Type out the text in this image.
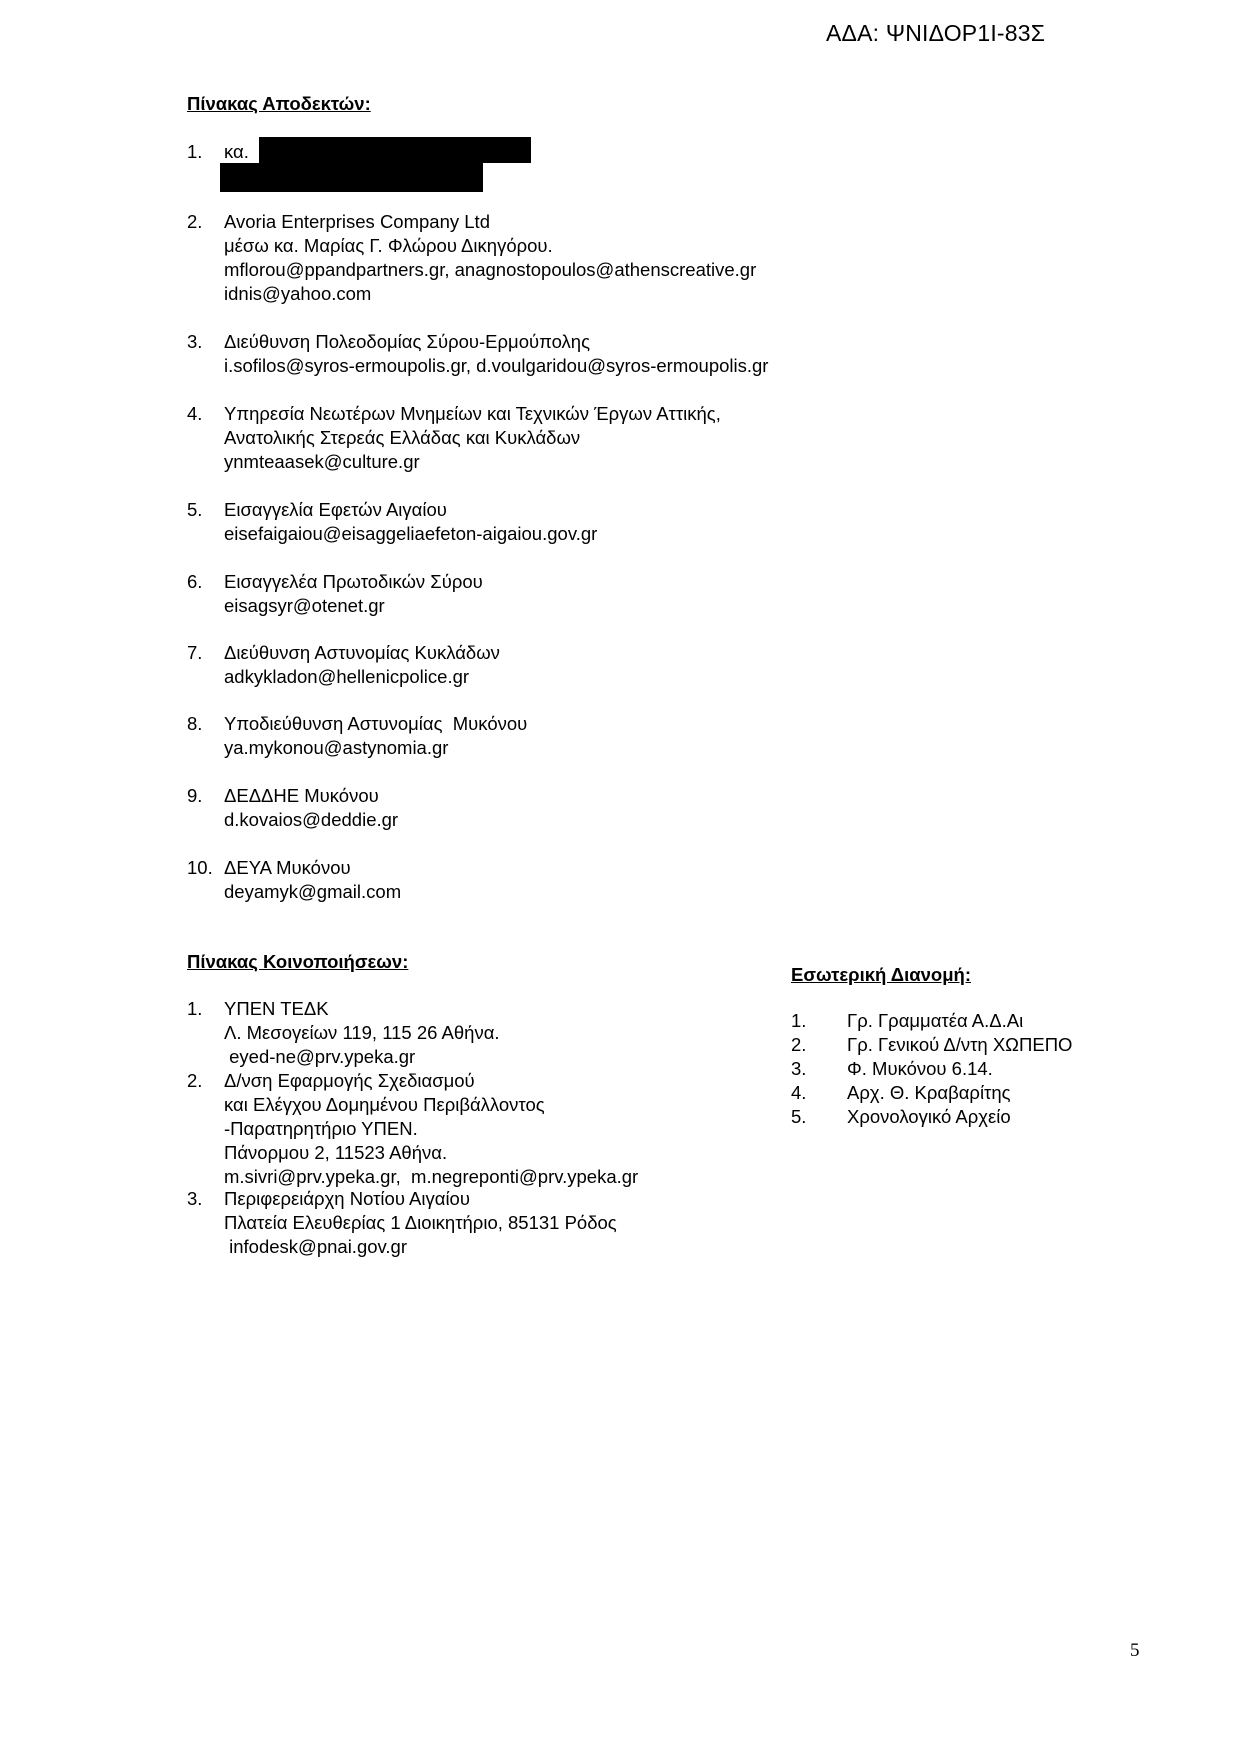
ΑΔΑ: ΨΝΙΔΟΡ1Ι-83Σ
Πίνακας Αποδεκτών:
1. κα.
2. Avoria Enterprises Company Ltd
μέσω κα. Μαρίας Γ. Φλώρου Δικηγόρου.
mflorou@ppandpartners.gr, anagnostopoulos@athenscreative.gr
idnis@yahoo.com
3. Διεύθυνση Πολεοδομίας Σύρου-Ερμούπολης
i.sofilos@syros-ermoupolis.gr, d.voulgaridou@syros-ermoupolis.gr
4. Υπηρεσία Νεωτέρων Μνημείων και Τεχνικών Έργων Αττικής,
Ανατολικής Στερεάς Ελλάδας και Κυκλάδων
ynmteaasek@culture.gr
5. Εισαγγελία Εφετών Αιγαίου
eisefaigaiou@eisaggeliaefeton-aigaiou.gov.gr
6. Εισαγγελέα Πρωτοδικών Σύρου
eisagsyr@otenet.gr
7. Διεύθυνση Αστυνομίας Κυκλάδων
adkykladon@hellenicpolice.gr
8. Υποδιεύθυνση Αστυνομίας  Μυκόνου
ya.mykonou@astynomia.gr
9. ΔΕΔΔΗΕ Μυκόνου
d.kovaios@deddie.gr
10. ΔΕΥΑ Μυκόνου
deyamyk@gmail.com
Πίνακας Κοινοποιήσεων:
1. ΥΠΕΝ ΤΕΔΚ
Λ. Μεσογείων 119, 115 26 Αθήνα.
eyed-ne@prv.ypeka.gr
2. Δ/νση Εφαρμογής Σχεδιασμού
και Ελέγχου Δομημένου Περιβάλλοντος
-Παρατηρητήριο ΥΠΕΝ.
Πάνορμου 2, 11523 Αθήνα.
m.sivri@prv.ypeka.gr,  m.negreponti@prv.ypeka.gr
3. Περιφερειάρχη Νοτίου Αιγαίου
Πλατεία Ελευθερίας 1 Διοικητήριο, 85131 Ρόδος
infodesk@pnai.gov.gr
Εσωτερική Διανομή:
1. Γρ. Γραμματέα Α.Δ.Αι
2. Γρ. Γενικού Δ/ντη ΧΩΠΕΠΟ
3. Φ. Μυκόνου 6.14.
4. Αρχ. Θ. Κραβαρίτης
5. Χρονολογικό Αρχείο
5
